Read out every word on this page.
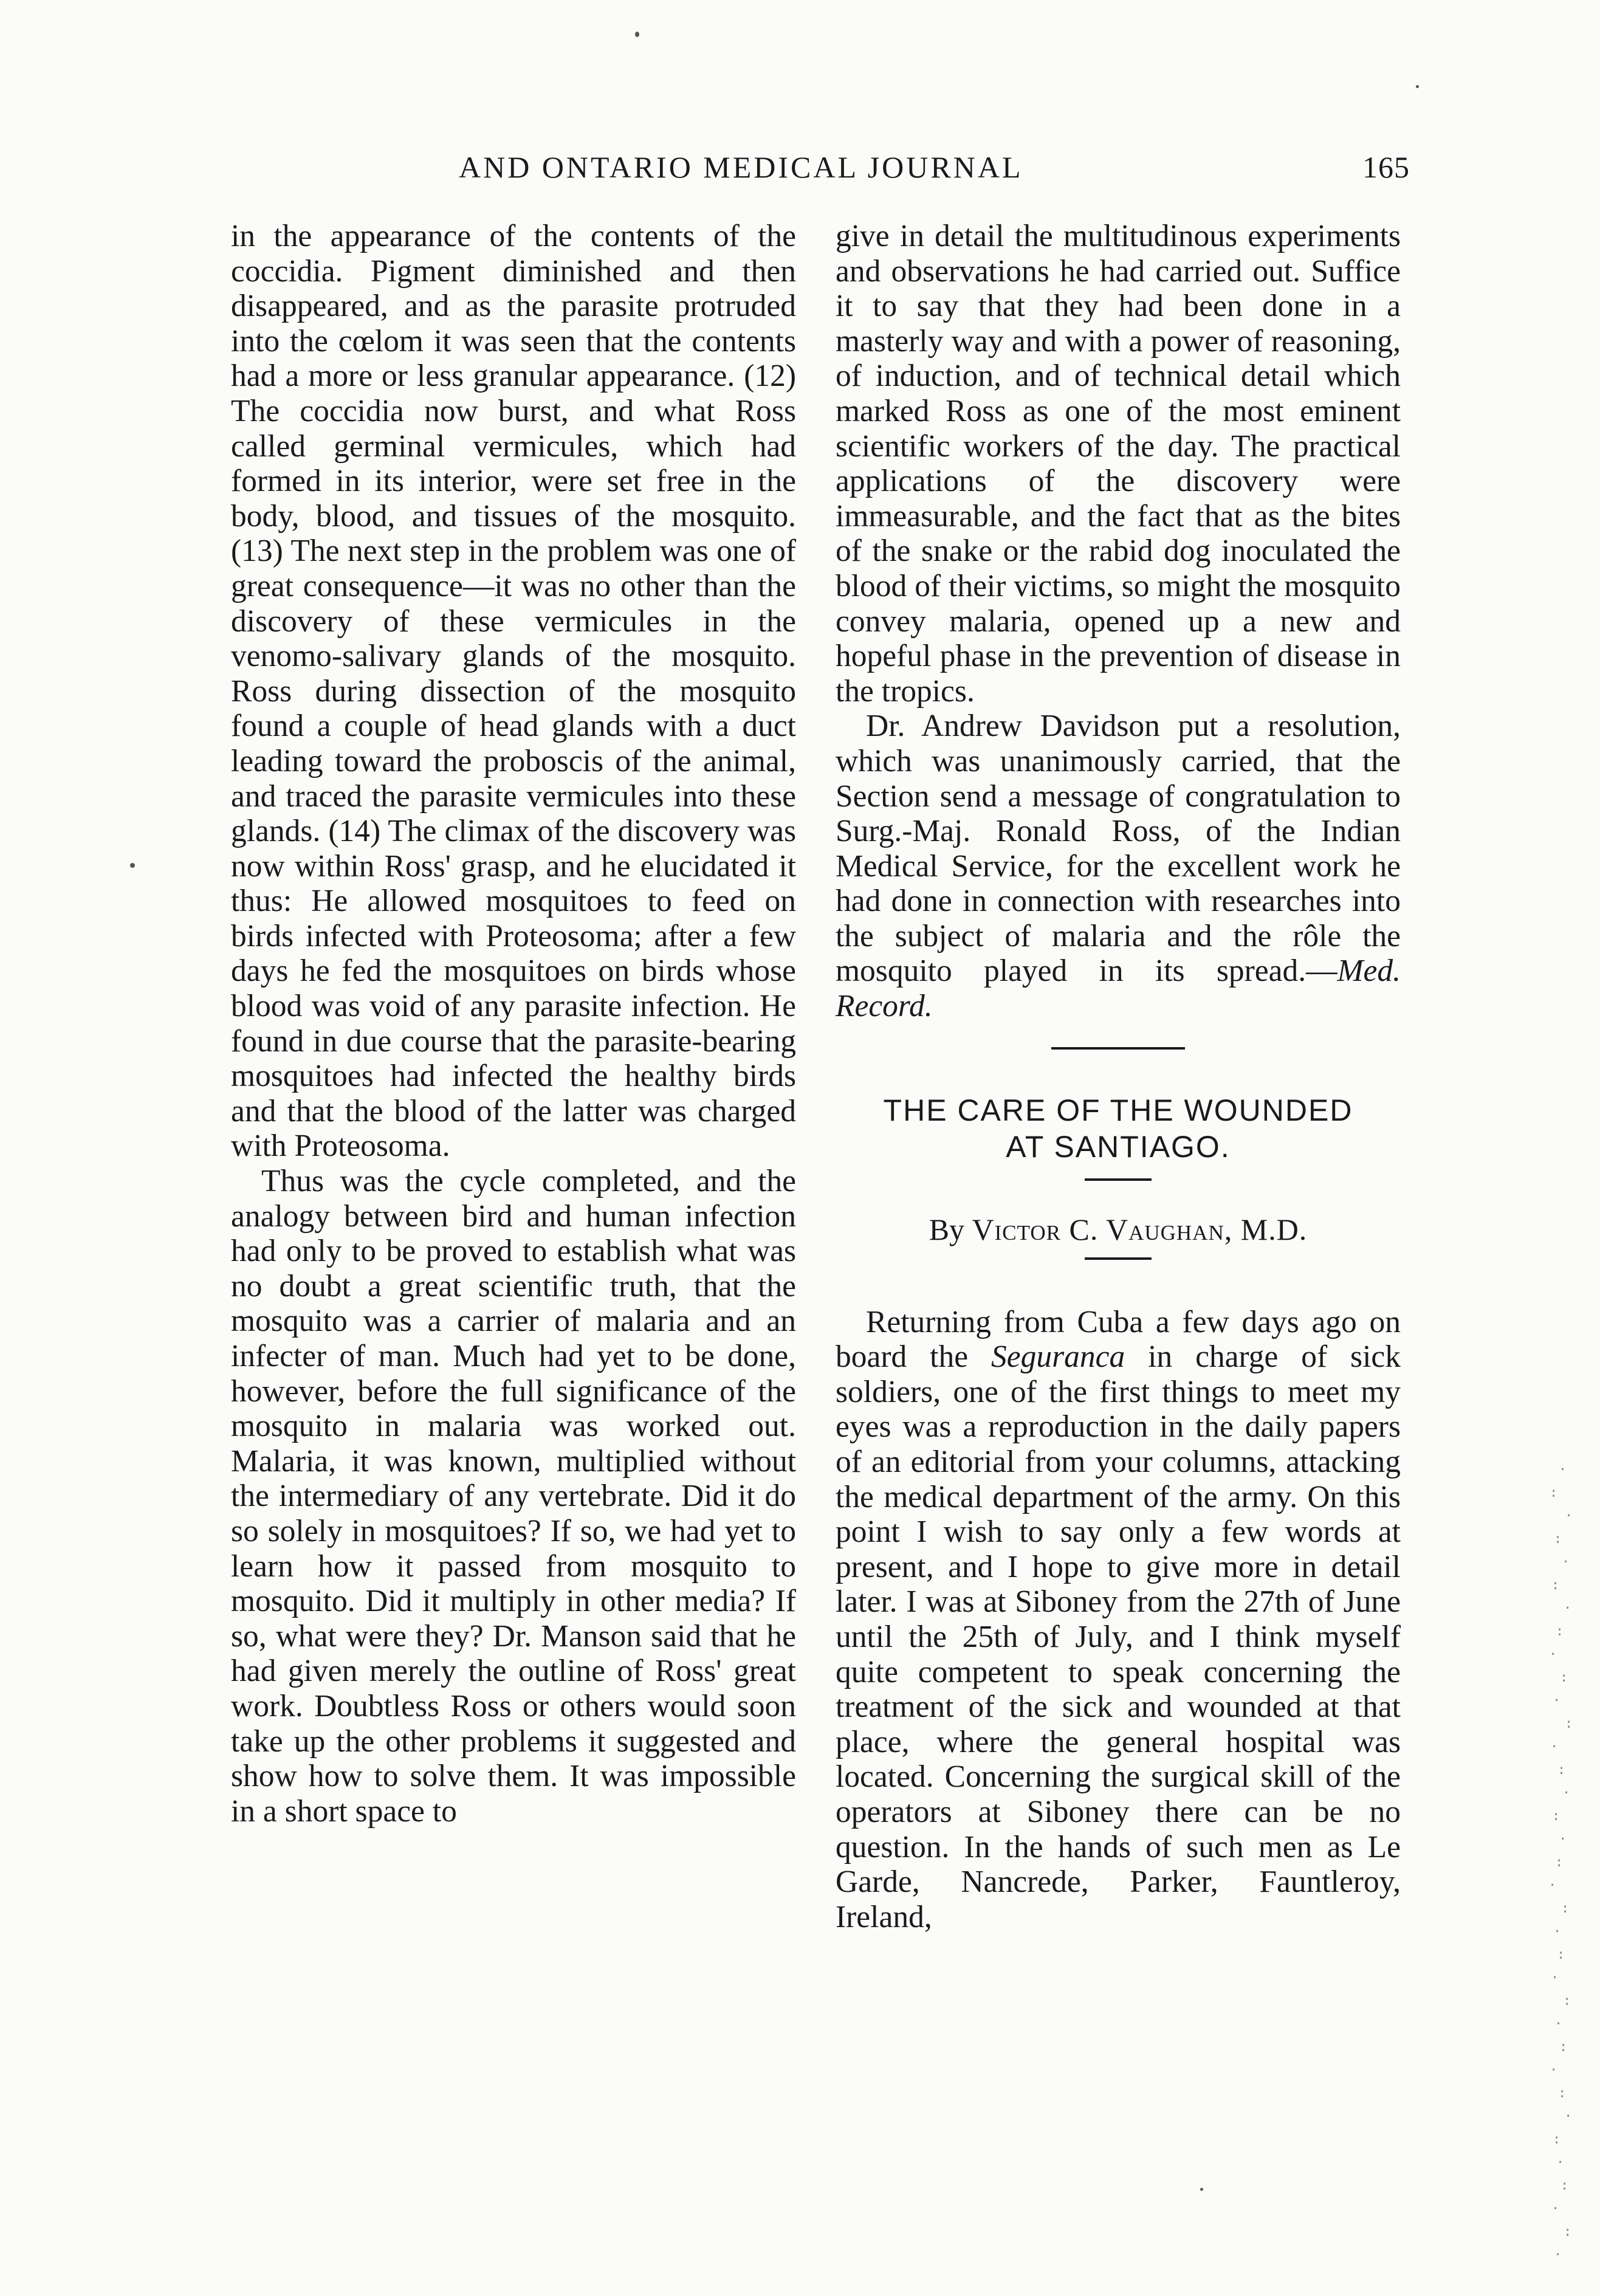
AND ONTARIO MEDICAL JOURNAL	165

in the appearance of the contents of the coccidia. Pigment diminished and then disappeared, and as the parasite protruded into the cœlom it was seen that the contents had a more or less granular appearance. (12) The coccidia now burst, and what Ross called germinal vermicules, which had formed in its interior, were set free in the body, blood, and tissues of the mosquito. (13) The next step in the problem was one of great consequence—it was no other than the discovery of these vermicules in the venomo-salivary glands of the mosquito. Ross during dissection of the mosquito found a couple of head glands with a duct leading toward the proboscis of the animal, and traced the parasite vermicules into these glands. (14) The climax of the discovery was now within Ross' grasp, and he elucidated it thus: He allowed mosquitoes to feed on birds infected with Proteosoma; after a few days he fed the mosquitoes on birds whose blood was void of any parasite infection. He found in due course that the parasite-bearing mosquitoes had infected the healthy birds and that the blood of the latter was charged with Proteosoma.

Thus was the cycle completed, and the analogy between bird and human infection had only to be proved to establish what was no doubt a great scientific truth, that the mosquito was a carrier of malaria and an infecter of man. Much had yet to be done, however, before the full significance of the mosquito in malaria was worked out. Malaria, it was known, multiplied without the intermediary of any vertebrate. Did it do so solely in mosquitoes? If so, we had yet to learn how it passed from mosquito to mosquito. Did it multiply in other media? If so, what were they? Dr. Manson said that he had given merely the outline of Ross' great work. Doubtless Ross or others would soon take up the other problems it suggested and show how to solve them. It was impossible in a short space to

give in detail the multitudinous experiments and observations he had carried out. Suffice it to say that they had been done in a masterly way and with a power of reasoning, of induction, and of technical detail which marked Ross as one of the most eminent scientific workers of the day. The practical applications of the discovery were immeasurable, and the fact that as the bites of the snake or the rabid dog inoculated the blood of their victims, so might the mosquito convey malaria, opened up a new and hopeful phase in the prevention of disease in the tropics.

Dr. Andrew Davidson put a resolution, which was unanimously carried, that the Section send a message of congratulation to Surg.-Maj. Ronald Ross, of the Indian Medical Service, for the excellent work he had done in connection with researches into the subject of malaria and the rôle the mosquito played in its spread.—Med. Record.

THE CARE OF THE WOUNDED

AT SANTIAGO.

By Victor C. Vaughan, M.D.

Returning from Cuba a few days ago on board the Seguranca in charge of sick soldiers, one of the first things to meet my eyes was a reproduction in the daily papers of an editorial from your columns, attacking the medical department of the army. On this point I wish to say only a few words at present, and I hope to give more in detail later. I was at Siboney from the 27th of June until the 25th of July, and I think myself quite competent to speak concerning the treatment of the sick and wounded at that place, where the general hospital was located. Concerning the surgical skill of the operators at Siboney there can be no question. In the hands of such men as Le Garde, Nancrede, Parker, Fauntleroy, Ireland,

·
:
·
:
·
:
·
:
·
:
·
:
·
:
·
:
·
:
·
:
·
:
·
:
·
:
·
:
·
:
·
:
·
:
·
